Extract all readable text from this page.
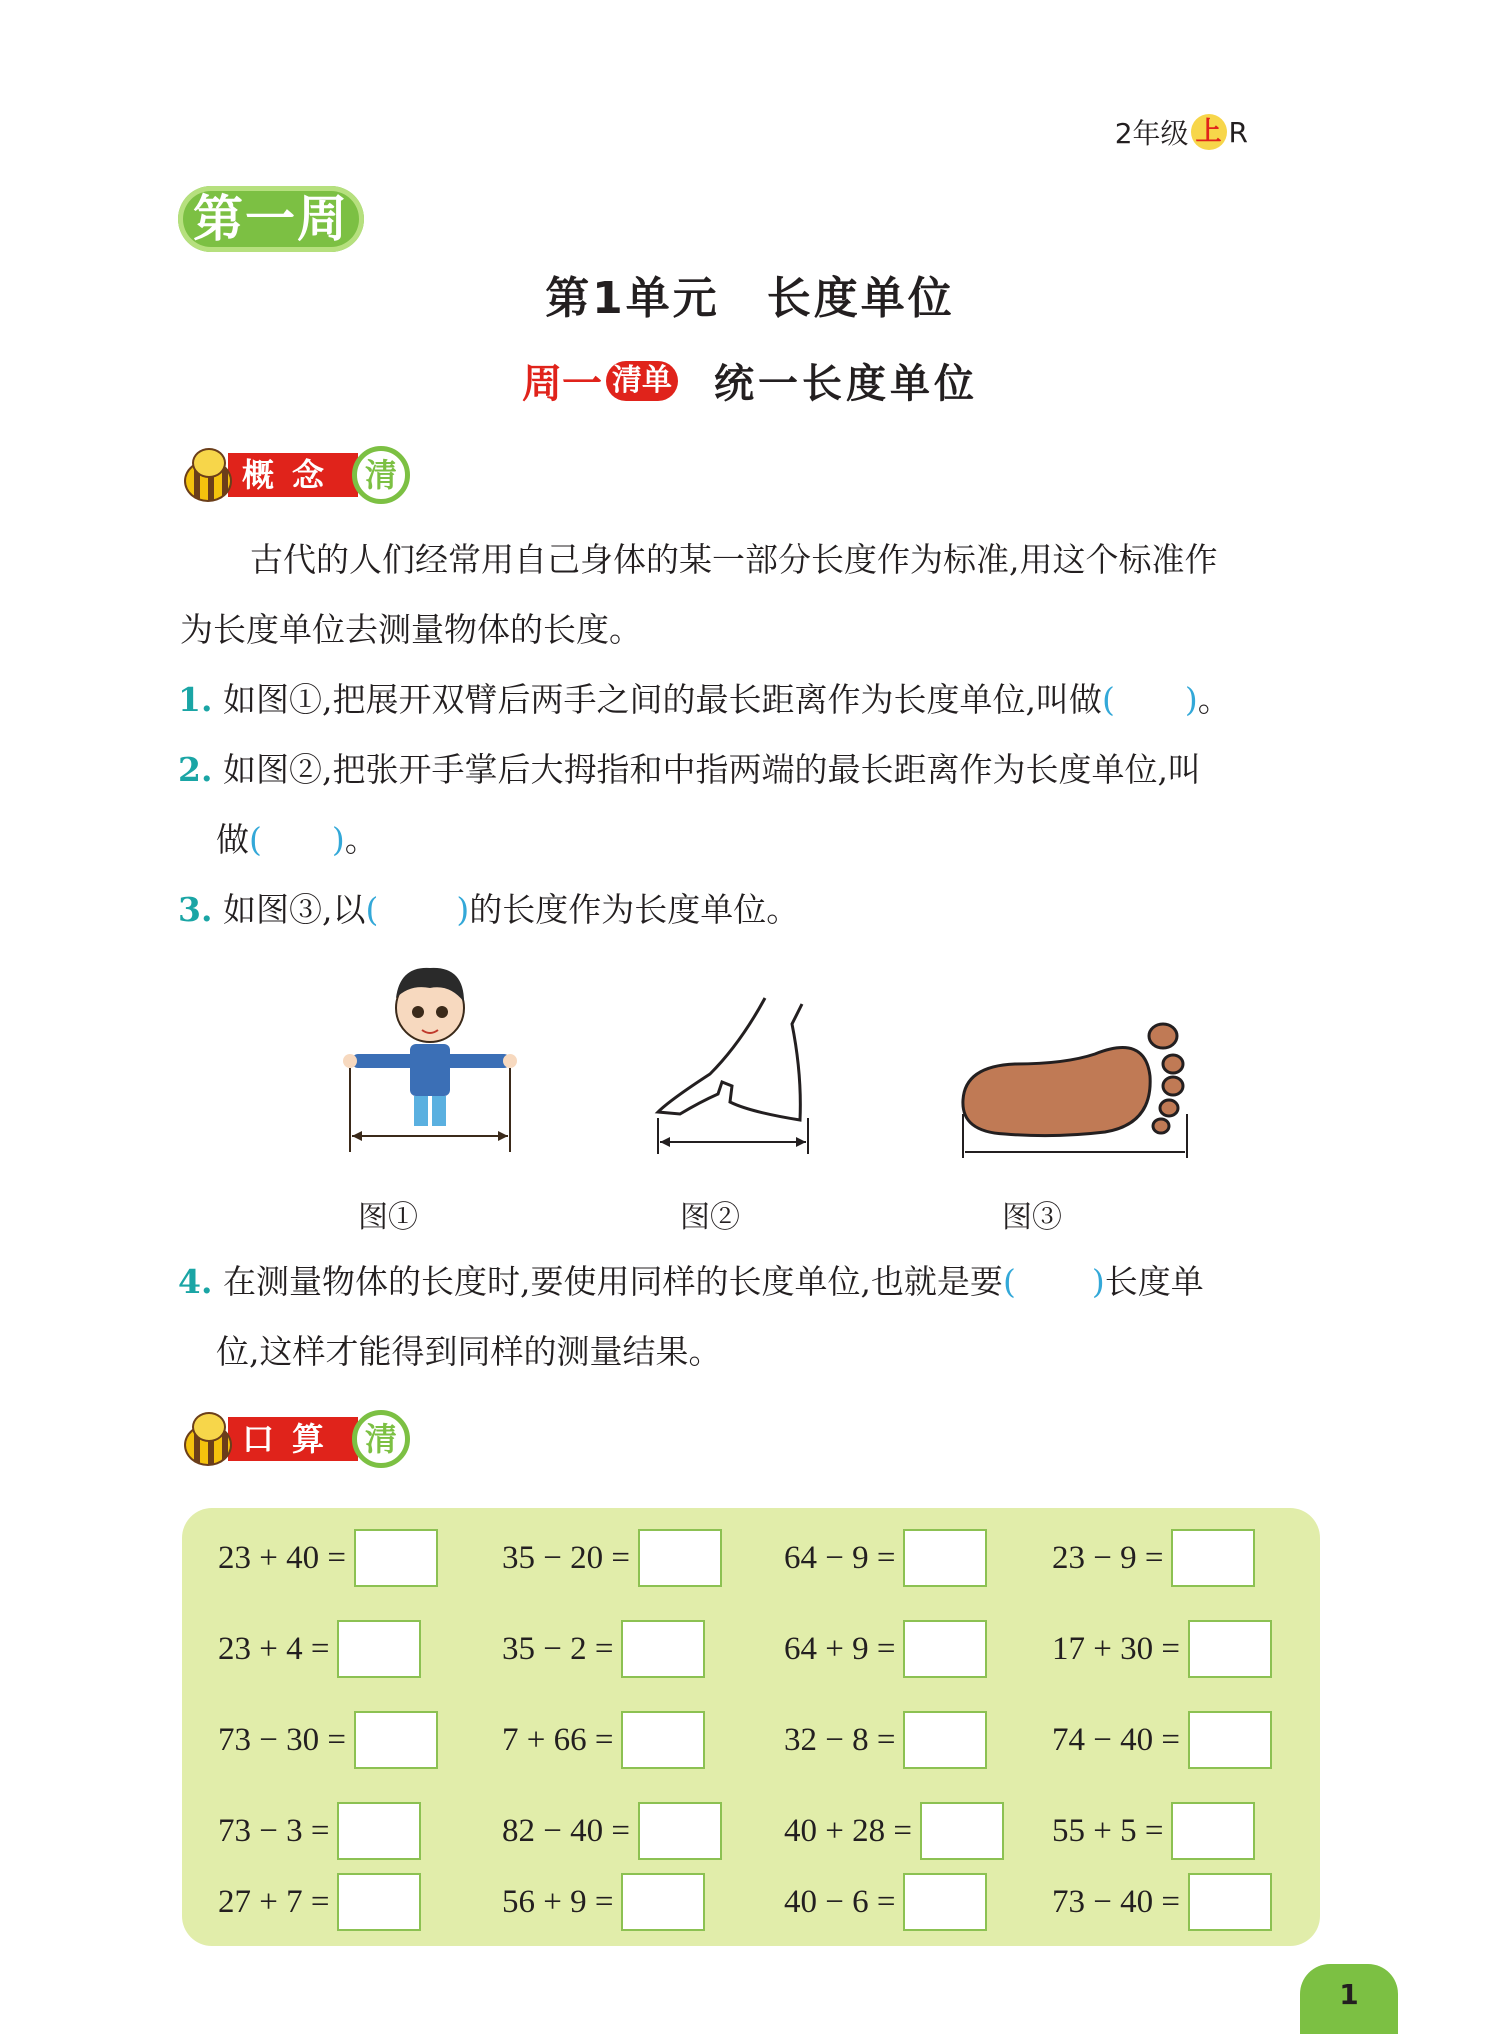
2年级 上 R
第一周
第1单元　长度单位
周一 清单 统一长度单位
概念 清
古代的人们经常用自己身体的某一部分长度作为标准,用这个标准作
为长度单位去测量物体的长度。
1. 如图①,把展开双臂后两手之间的最长距离作为长度单位,叫做( )。
2. 如图②,把张开手掌后大拇指和中指两端的最长距离作为长度单位,叫
做( )。
3. 如图③,以( )的长度作为长度单位。
图①	图②	图③
4. 在测量物体的长度时,要使用同样的长度单位,也就是要( )长度单
位,这样才能得到同样的测量结果。
口算 清
23 + 40 =	35 − 20 =	64 − 9 =	23 − 9 =
23 + 4 =	35 − 2 =	64 + 9 =	17 + 30 =
73 − 30 =	7 + 66 =	32 − 8 =	74 − 40 =
73 − 3 =	82 − 40 =	40 + 28 =	55 + 5 =
27 + 7 =	56 + 9 =	40 − 6 =	73 − 40 =
1
